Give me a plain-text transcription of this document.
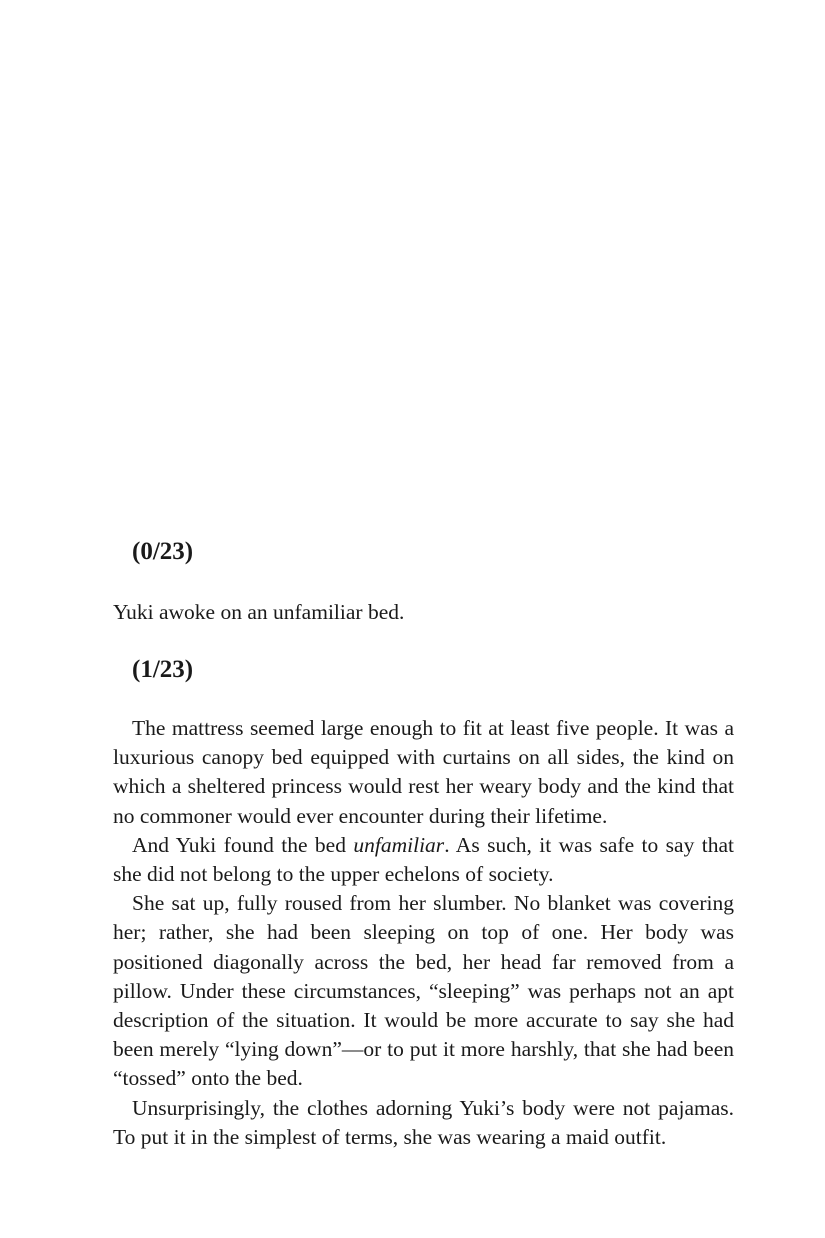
(0/23)
Yuki awoke on an unfamiliar bed.
(1/23)

The mattress seemed large enough to fit at least five people. It was a luxurious canopy bed equipped with curtains on all sides, the kind on which a sheltered princess would rest her weary body and the kind that no commoner would ever encounter during their lifetime.

And Yuki found the bed unfamiliar. As such, it was safe to say that she did not belong to the upper echelons of society.

She sat up, fully roused from her slumber. No blanket was covering her; rather, she had been sleeping on top of one. Her body was positioned diagonally across the bed, her head far removed from a pillow. Under these circumstances, “sleeping” was perhaps not an apt description of the situation. It would be more accurate to say she had been merely “lying down”—or to put it more harshly, that she had been “tossed” onto the bed.

Unsurprisingly, the clothes adorning Yuki’s body were not pajamas. To put it in the simplest of terms, she was wearing a maid outfit.
